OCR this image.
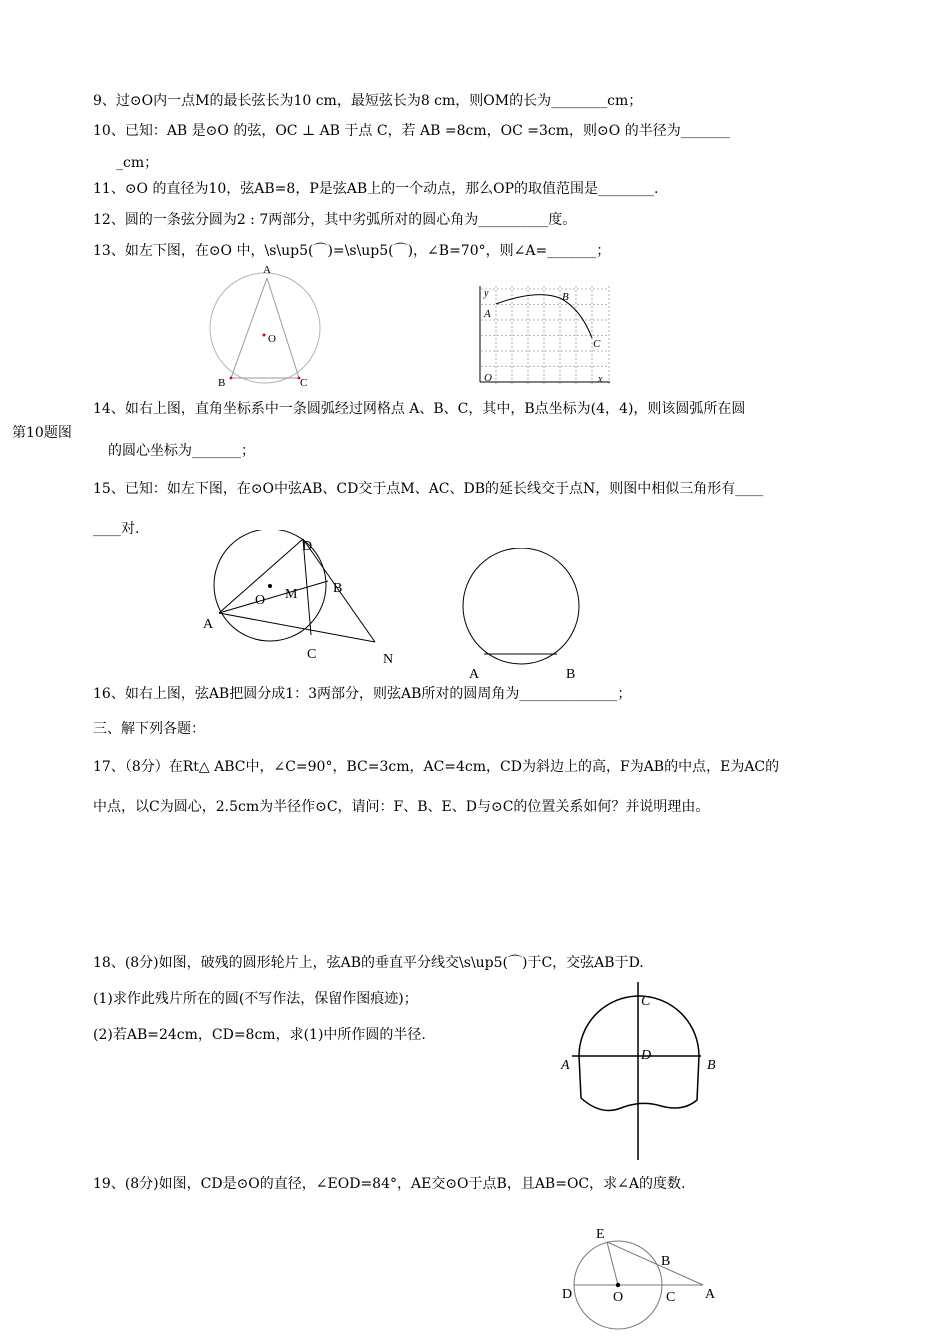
9、过⊙O内一点M的最长弦长为10 cm，最短弦长为8 cm，则OM的长为________cm；
10、已知：AB 是⊙O 的弦，OC ⊥ AB 于点 C，若 AB =8cm，OC =3cm，则⊙O 的半径为_______
_cm；
11、⊙O 的直径为10，弦AB=8，P是弦AB上的一个动点，那么OP的取值范围是________.
12、圆的一条弦分圆为2 : 7两部分，其中劣弧所对的圆心角为__________度。
13、如左下图，在⊙O 中，\s\up5(⌒)=\s\up5(⌒)，∠B=70°，则∠A=_______；
A
O
B	C
y
A
B
C
O	x
14、如右上图，直角坐标系中一条圆弧经过网格点 A、B、C，其中，B点坐标为(4，4)，则该圆弧所在圆
第10题图
的圆心坐标为_______；
15、已知：如左下图，在⊙O中弦AB、CD交于点M、AC、DB的延长线交于点N，则图中相似三角形有____
____对.
D
O M	B
A
C	N
A	B
16、如右上图，弦AB把圆分成1：3两部分，则弦AB所对的圆周角为______________；
三、解下列各题：
17、（8分）在Rt△ ABC中，∠C=90°，BC=3cm，AC=4cm，CD为斜边上的高，F为AB的中点，E为AC的
中点，以C为圆心，2.5cm为半径作⊙C，请问：F、B、E、D与⊙C的位置关系如何？并说明理由。
18、(8分)如图，破残的圆形轮片上，弦AB的垂直平分线交\s\up5(⌒)于C，交弦AB于D.
(1)求作此残片所在的圆(不写作法，保留作图痕迹)；
(2)若AB=24cm，CD=8cm，求(1)中所作圆的半径.
C
A
D
B
19、(8分)如图，CD是⊙O的直径，∠EOD=84°，AE交⊙O于点B，且AB=OC，求∠A的度数.
E
B
D	O	C A
